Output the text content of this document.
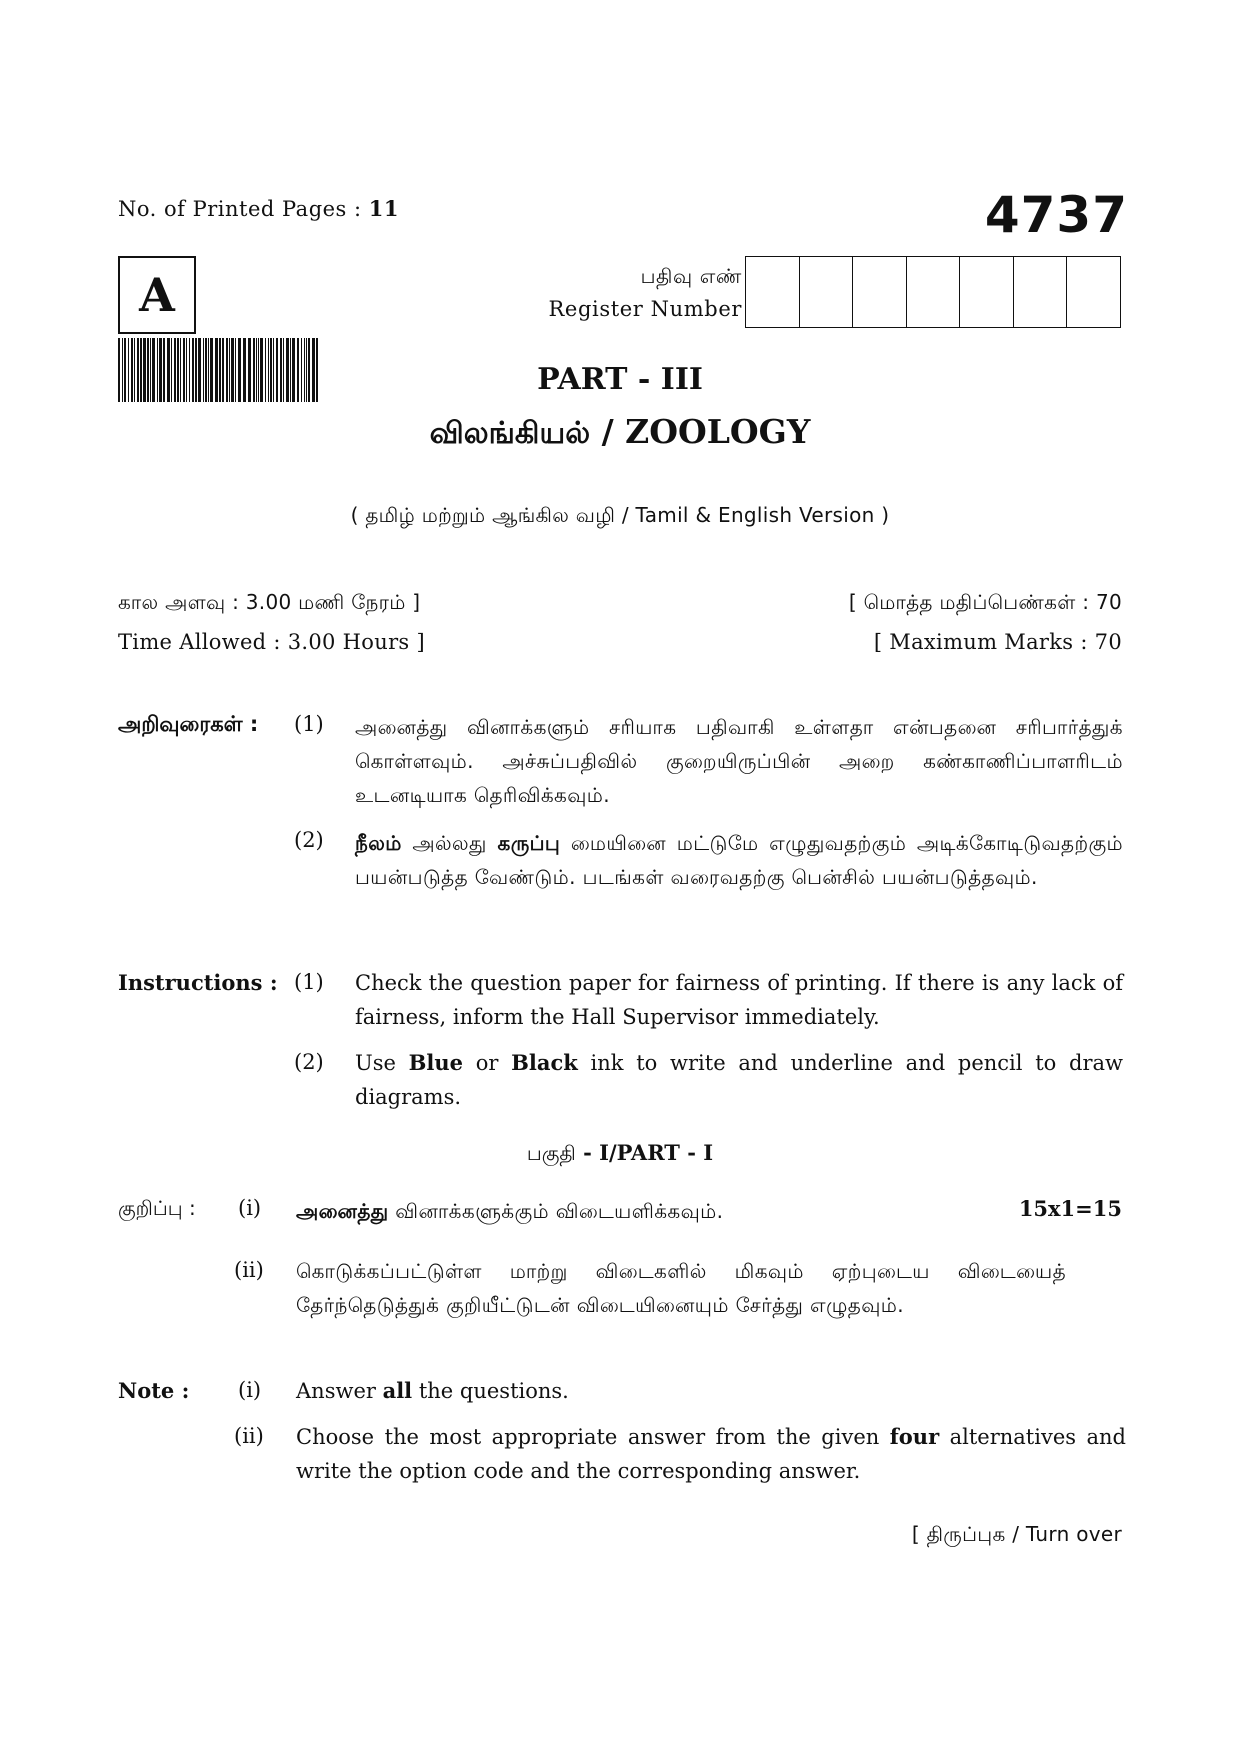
No. of Printed Pages : 11	4737
A	பதிவு எண்
Register Number
PART - III
விலங்கியல் / ZOOLOGY
( தமிழ் மற்றும் ஆங்கில வழி / Tamil & English Version )
கால அளவு : 3.00 மணி நேரம் ]	[ மொத்த மதிப்பெண்கள் : 70
Time Allowed : 3.00 Hours ]	[ Maximum Marks : 70
அறிவுரைகள் : (1) அனைத்து வினாக்களும் சரியாக பதிவாகி உள்ளதா என்பதனை சரிபார்த்துக் கொள்ளவும். அச்சுப்பதிவில் குறையிருப்பின் அறை கண்காணிப்பாளரிடம் உடனடியாக தெரிவிக்கவும்.
(2) நீலம் அல்லது கருப்பு மையினை மட்டுமே எழுதுவதற்கும் அடிக்கோடிடுவதற்கும் பயன்படுத்த வேண்டும். படங்கள் வரைவதற்கு பென்சில் பயன்படுத்தவும்.
Instructions : (1) Check the question paper for fairness of printing. If there is any lack of fairness, inform the Hall Supervisor immediately.
(2) Use Blue or Black ink to write and underline and pencil to draw diagrams.
பகுதி - I/PART - I
குறிப்பு : (i) அனைத்து வினாக்களுக்கும் விடையளிக்கவும்.	15x1=15
(ii) கொடுக்கப்பட்டுள்ள மாற்று விடைகளில் மிகவும் ஏற்புடைய விடையைத் தேர்ந்தெடுத்துக் குறியீட்டுடன் விடையினையும் சேர்த்து எழுதவும்.
Note : (i) Answer all the questions.
(ii) Choose the most appropriate answer from the given four alternatives and write the option code and the corresponding answer.
[ திருப்புக / Turn over
